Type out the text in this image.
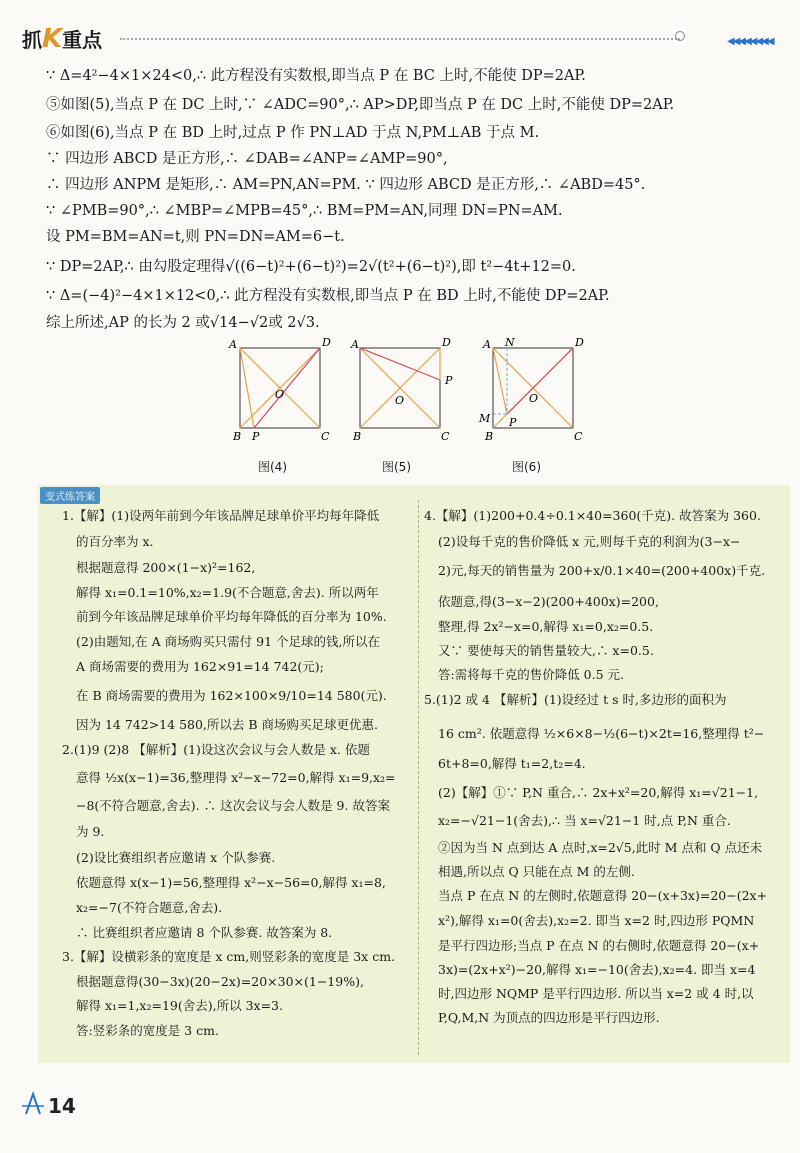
抓K重点	◀◀◀◀◀◀◀◀
∵ Δ=4²−4×1×24<0,∴ 此方程没有实数根,即当点 P 在 BC 上时,不能使 DP=2AP.
⑤如图(5),当点 P 在 DC 上时,∵ ∠ADC=90°,∴ AP>DP,即当点 P 在 DC 上时,不能使 DP=2AP.
⑥如图(6),当点 P 在 BD 上时,过点 P 作 PN⊥AD 于点 N,PM⊥AB 于点 M.
∵ 四边形 ABCD 是正方形,∴ ∠DAB=∠ANP=∠AMP=90°,
∴ 四边形 ANPM 是矩形,∴ AM=PN,AN=PM. ∵ 四边形 ABCD 是正方形,∴ ∠ABD=45°.
∵ ∠PMB=90°,∴ ∠MBP=∠MPB=45°,∴ BM=PM=AN,同理 DN=PN=AM.
设 PM=BM=AN=t,则 PN=DN=AM=6−t.
∵ DP=2AP,∴ 由勾股定理得√((6−t)²+(6−t)²)=2√(t²+(6−t)²),即 t²−4t+12=0.
∵ Δ=(−4)²−4×1×12<0,∴ 此方程没有实数根,即当点 P 在 BD 上时,不能使 DP=2AP.
综上所述,AP 的长为 2 或√14−√2或 2√3.
A	D
O
B P	C
A	D
P
O
B	C
A N	D
O
M P
B	C
图(4)	图(5)	图(6)
变式练答案
1.【解】(1)设两年前到今年该品牌足球单价平均每年降低
的百分率为 x.
根据题意得 200×(1−x)²=162,
解得 x₁=0.1=10%,x₂=1.9(不合题意,舍去). 所以两年
前到今年该品牌足球单价平均每年降低的百分率为 10%.
(2)由题知,在 A 商场购买只需付 91 个足球的钱,所以在
A 商场需要的费用为 162×91=14 742(元);
在 B 商场需要的费用为 162×100×9/10=14 580(元).
因为 14 742>14 580,所以去 B 商场购买足球更优惠.
2.(1)9 (2)8 【解析】(1)设这次会议与会人数是 x. 依题
意得 ½x(x−1)=36,整理得 x²−x−72=0,解得 x₁=9,x₂=
−8(不符合题意,舍去). ∴ 这次会议与会人数是 9. 故答案
为 9.
(2)设比赛组织者应邀请 x 个队参赛.
依题意得 x(x−1)=56,整理得 x²−x−56=0,解得 x₁=8,
x₂=−7(不符合题意,舍去).
∴ 比赛组织者应邀请 8 个队参赛. 故答案为 8.
3.【解】设横彩条的宽度是 x cm,则竖彩条的宽度是 3x cm.
根据题意得(30−3x)(20−2x)=20×30×(1−19%),
解得 x₁=1,x₂=19(舍去),所以 3x=3.
答:竖彩条的宽度是 3 cm.
4.【解】(1)200+0.4÷0.1×40=360(千克). 故答案为 360.
(2)设每千克的售价降低 x 元,则每千克的利润为(3−x−
2)元,每天的销售量为 200+x/0.1×40=(200+400x)千克.
依题意,得(3−x−2)(200+400x)=200,
整理,得 2x²−x=0,解得 x₁=0,x₂=0.5.
又∵ 要使每天的销售量较大,∴ x=0.5.
答:需将每千克的售价降低 0.5 元.
5.(1)2 或 4 【解析】(1)设经过 t s 时,多边形的面积为
16 cm². 依题意得 ½×6×8−½(6−t)×2t=16,整理得 t²−
6t+8=0,解得 t₁=2,t₂=4.
(2)【解】①∵ P,N 重合,∴ 2x+x²=20,解得 x₁=√21−1,
x₂=−√21−1(舍去),∴ 当 x=√21−1 时,点 P,N 重合.
②因为当 N 点到达 A 点时,x=2√5,此时 M 点和 Q 点还未
相遇,所以点 Q 只能在点 M 的左侧.
当点 P 在点 N 的左侧时,依题意得 20−(x+3x)=20−(2x+
x²),解得 x₁=0(舍去),x₂=2. 即当 x=2 时,四边形 PQMN
是平行四边形;当点 P 在点 N 的右侧时,依题意得 20−(x+
3x)=(2x+x²)−20,解得 x₁=−10(舍去),x₂=4. 即当 x=4
时,四边形 NQMP 是平行四边形. 所以当 x=2 或 4 时,以
P,Q,M,N 为顶点的四边形是平行四边形.
14
